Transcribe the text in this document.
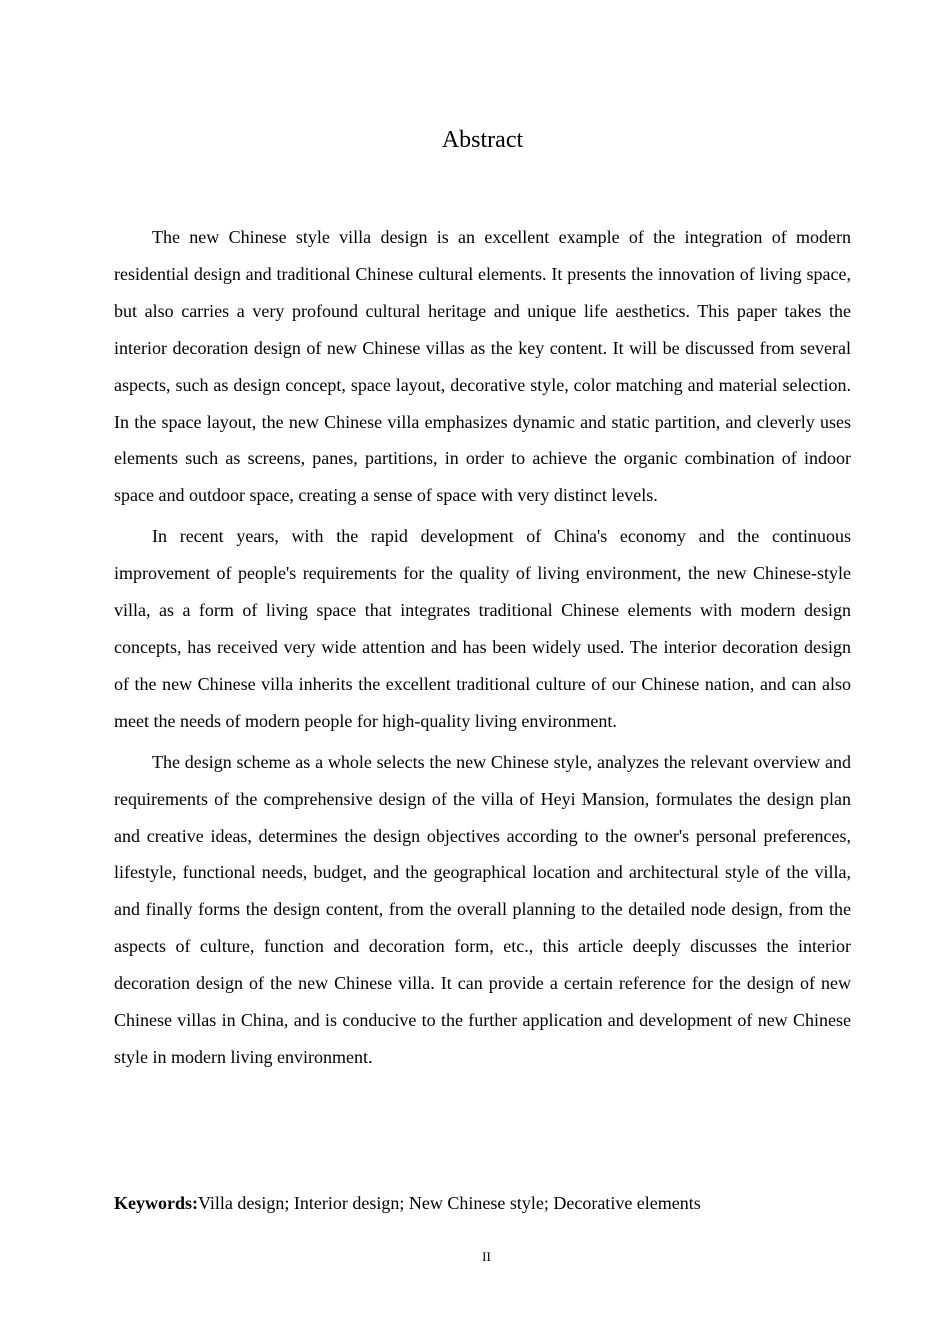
Abstract

The new Chinese style villa design is an excellent example of the integration of modern residential design and traditional Chinese cultural elements. It presents the innovation of living space, but also carries a very profound cultural heritage and unique life aesthetics. This paper takes the interior decoration design of new Chinese villas as the key content. It will be discussed from several aspects, such as design concept, space layout, decorative style, color matching and material selection. In the space layout, the new Chinese villa emphasizes dynamic and static partition, and cleverly uses elements such as screens, panes, partitions, in order to achieve the organic combination of indoor space and outdoor space, creating a sense of space with very distinct levels.

In recent years, with the rapid development of China's economy and the continuous improvement of people's requirements for the quality of living environment, the new Chinese-style villa, as a form of living space that integrates traditional Chinese elements with modern design concepts, has received very wide attention and has been widely used. The interior decoration design of the new Chinese villa inherits the excellent traditional culture of our Chinese nation, and can also meet the needs of modern people for high-quality living environment.

The design scheme as a whole selects the new Chinese style, analyzes the relevant overview and requirements of the comprehensive design of the villa of Heyi Mansion, formulates the design plan and creative ideas, determines the design objectives according to the owner's personal preferences, lifestyle, functional needs, budget, and the geographical location and architectural style of the villa, and finally forms the design content, from the overall planning to the detailed node design, from the aspects of culture, function and decoration form, etc., this article deeply discusses the interior decoration design of the new Chinese villa. It can provide a certain reference for the design of new Chinese villas in China, and is conducive to the further application and development of new Chinese style in modern living environment.

Keywords:Villa design; Interior design; New Chinese style; Decorative elements

II
